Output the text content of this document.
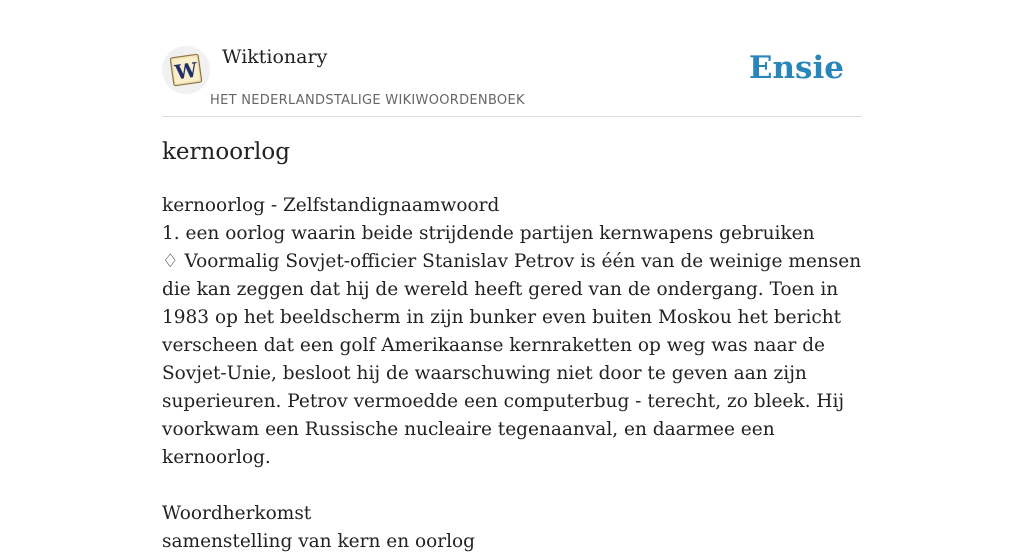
W
Wiktionary
HET NEDERLANDSTALIGE WIKIWOORDENBOEK
Ensie
kernoorlog

kernoorlog - Zelfstandignaamwoord

1. een oorlog waarin beide strijdende partijen kernwapens gebruiken

♢ Voormalig Sovjet-officier Stanislav Petrov is één van de weinige mensen die kan zeggen dat hij de wereld heeft gered van de ondergang. Toen in 1983 op het beeldscherm in zijn bunker even buiten Moskou het bericht verscheen dat een golf Amerikaanse kernraketten op weg was naar de Sovjet-Unie, besloot hij de waarschuwing niet door te geven aan zijn superieuren. Petrov vermoedde een computerbug - terecht, zo bleek. Hij voorkwam een Russische nucleaire tegenaanval, en daarmee een kernoorlog.

Woordherkomst

samenstelling van kern en oorlog
